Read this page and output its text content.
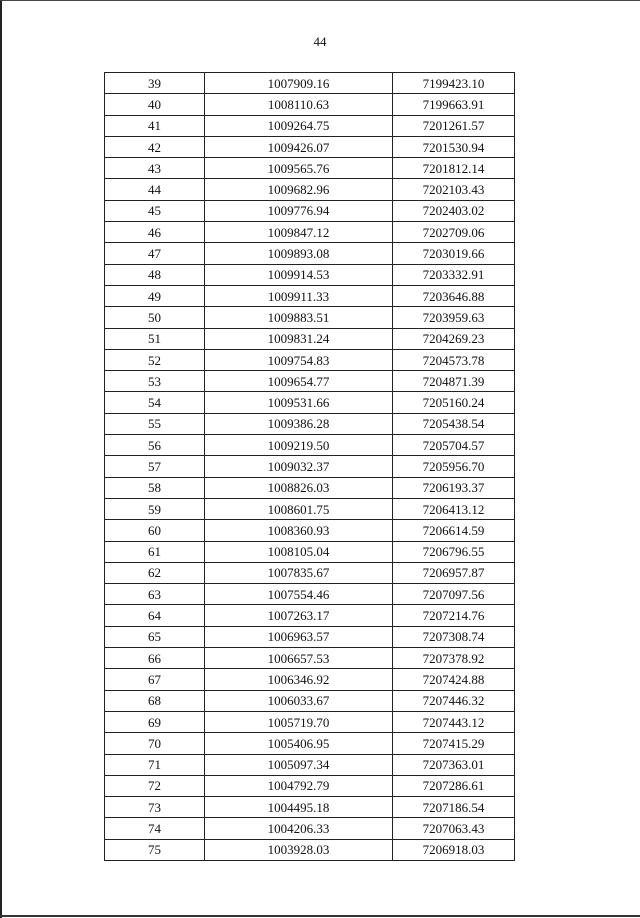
44
39	1007909.16	7199423.10
40	1008110.63	7199663.91
41	1009264.75	7201261.57
42	1009426.07	7201530.94
43	1009565.76	7201812.14
44	1009682.96	7202103.43
45	1009776.94	7202403.02
46	1009847.12	7202709.06
47	1009893.08	7203019.66
48	1009914.53	7203332.91
49	1009911.33	7203646.88
50	1009883.51	7203959.63
51	1009831.24	7204269.23
52	1009754.83	7204573.78
53	1009654.77	7204871.39
54	1009531.66	7205160.24
55	1009386.28	7205438.54
56	1009219.50	7205704.57
57	1009032.37	7205956.70
58	1008826.03	7206193.37
59	1008601.75	7206413.12
60	1008360.93	7206614.59
61	1008105.04	7206796.55
62	1007835.67	7206957.87
63	1007554.46	7207097.56
64	1007263.17	7207214.76
65	1006963.57	7207308.74
66	1006657.53	7207378.92
67	1006346.92	7207424.88
68	1006033.67	7207446.32
69	1005719.70	7207443.12
70	1005406.95	7207415.29
71	1005097.34	7207363.01
72	1004792.79	7207286.61
73	1004495.18	7207186.54
74	1004206.33	7207063.43
75	1003928.03	7206918.03
